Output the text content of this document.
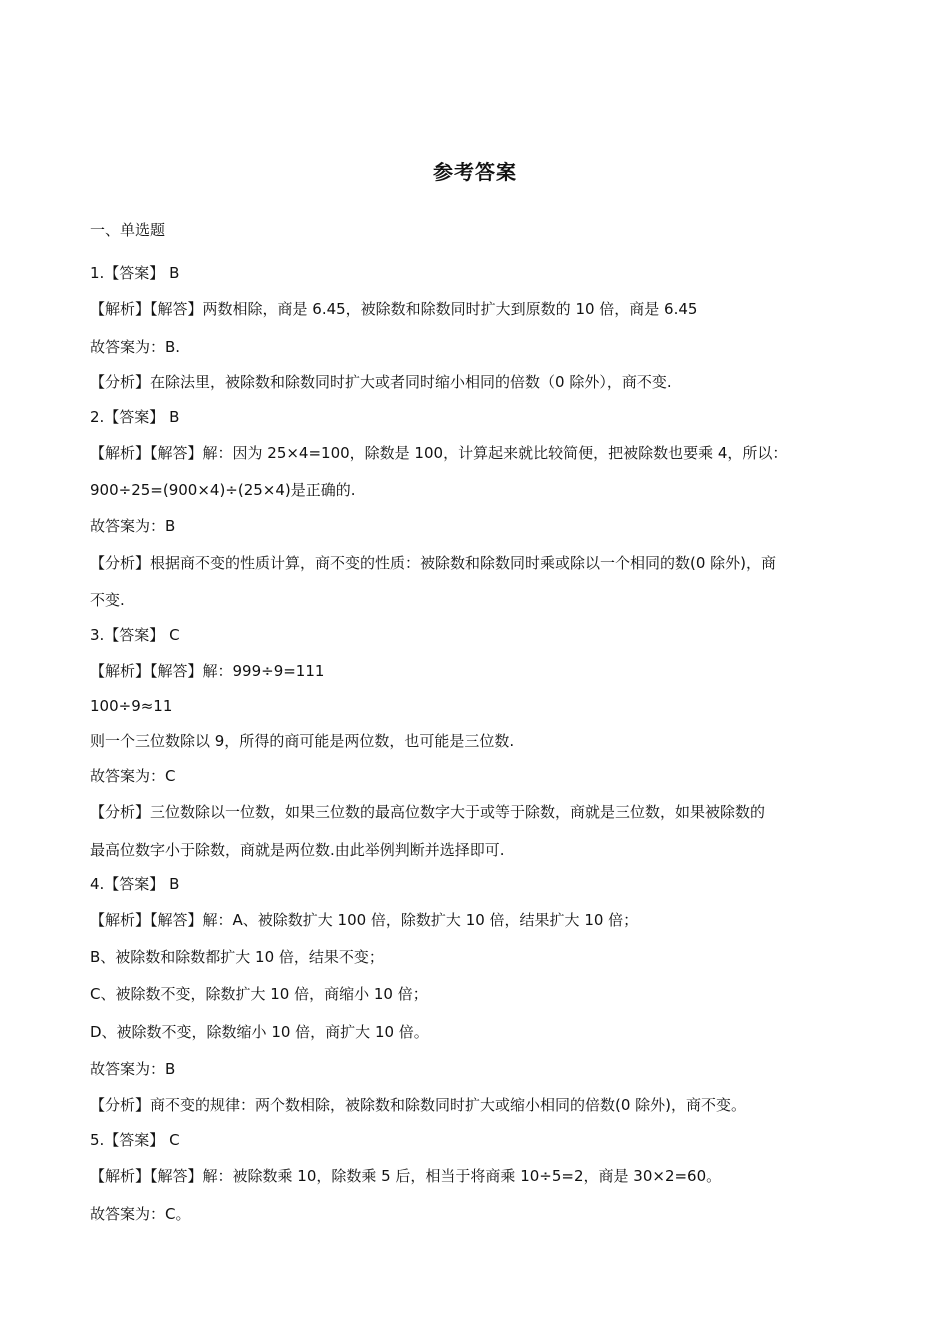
参考答案
一、单选题
1.【答案】 B
【解析】【解答】两数相除，商是 6.45，被除数和除数同时扩大到原数的 10 倍，商是 6.45
故答案为：B.
【分析】在除法里，被除数和除数同时扩大或者同时缩小相同的倍数（0 除外），商不变.
2.【答案】 B
【解析】【解答】解：因为 25×4=100，除数是 100，计算起来就比较简便，把被除数也要乘 4，所以：
900÷25=(900×4)÷(25×4)是正确的.
故答案为：B
【分析】根据商不变的性质计算，商不变的性质：被除数和除数同时乘或除以一个相同的数(0 除外)，商
不变.
3.【答案】 C
【解析】【解答】解：999÷9=111
100÷9≈11
则一个三位数除以 9，所得的商可能是两位数，也可能是三位数.
故答案为：C
【分析】三位数除以一位数，如果三位数的最高位数字大于或等于除数，商就是三位数，如果被除数的
最高位数字小于除数，商就是两位数.由此举例判断并选择即可.
4.【答案】 B
【解析】【解答】解：A、被除数扩大 100 倍，除数扩大 10 倍，结果扩大 10 倍；
B、被除数和除数都扩大 10 倍，结果不变；
C、被除数不变，除数扩大 10 倍，商缩小 10 倍；
D、被除数不变，除数缩小 10 倍，商扩大 10 倍。
故答案为：B
【分析】商不变的规律：两个数相除，被除数和除数同时扩大或缩小相同的倍数(0 除外)，商不变。
5.【答案】 C
【解析】【解答】解：被除数乘 10，除数乘 5 后，相当于将商乘 10÷5=2，商是 30×2=60。
故答案为：C。
